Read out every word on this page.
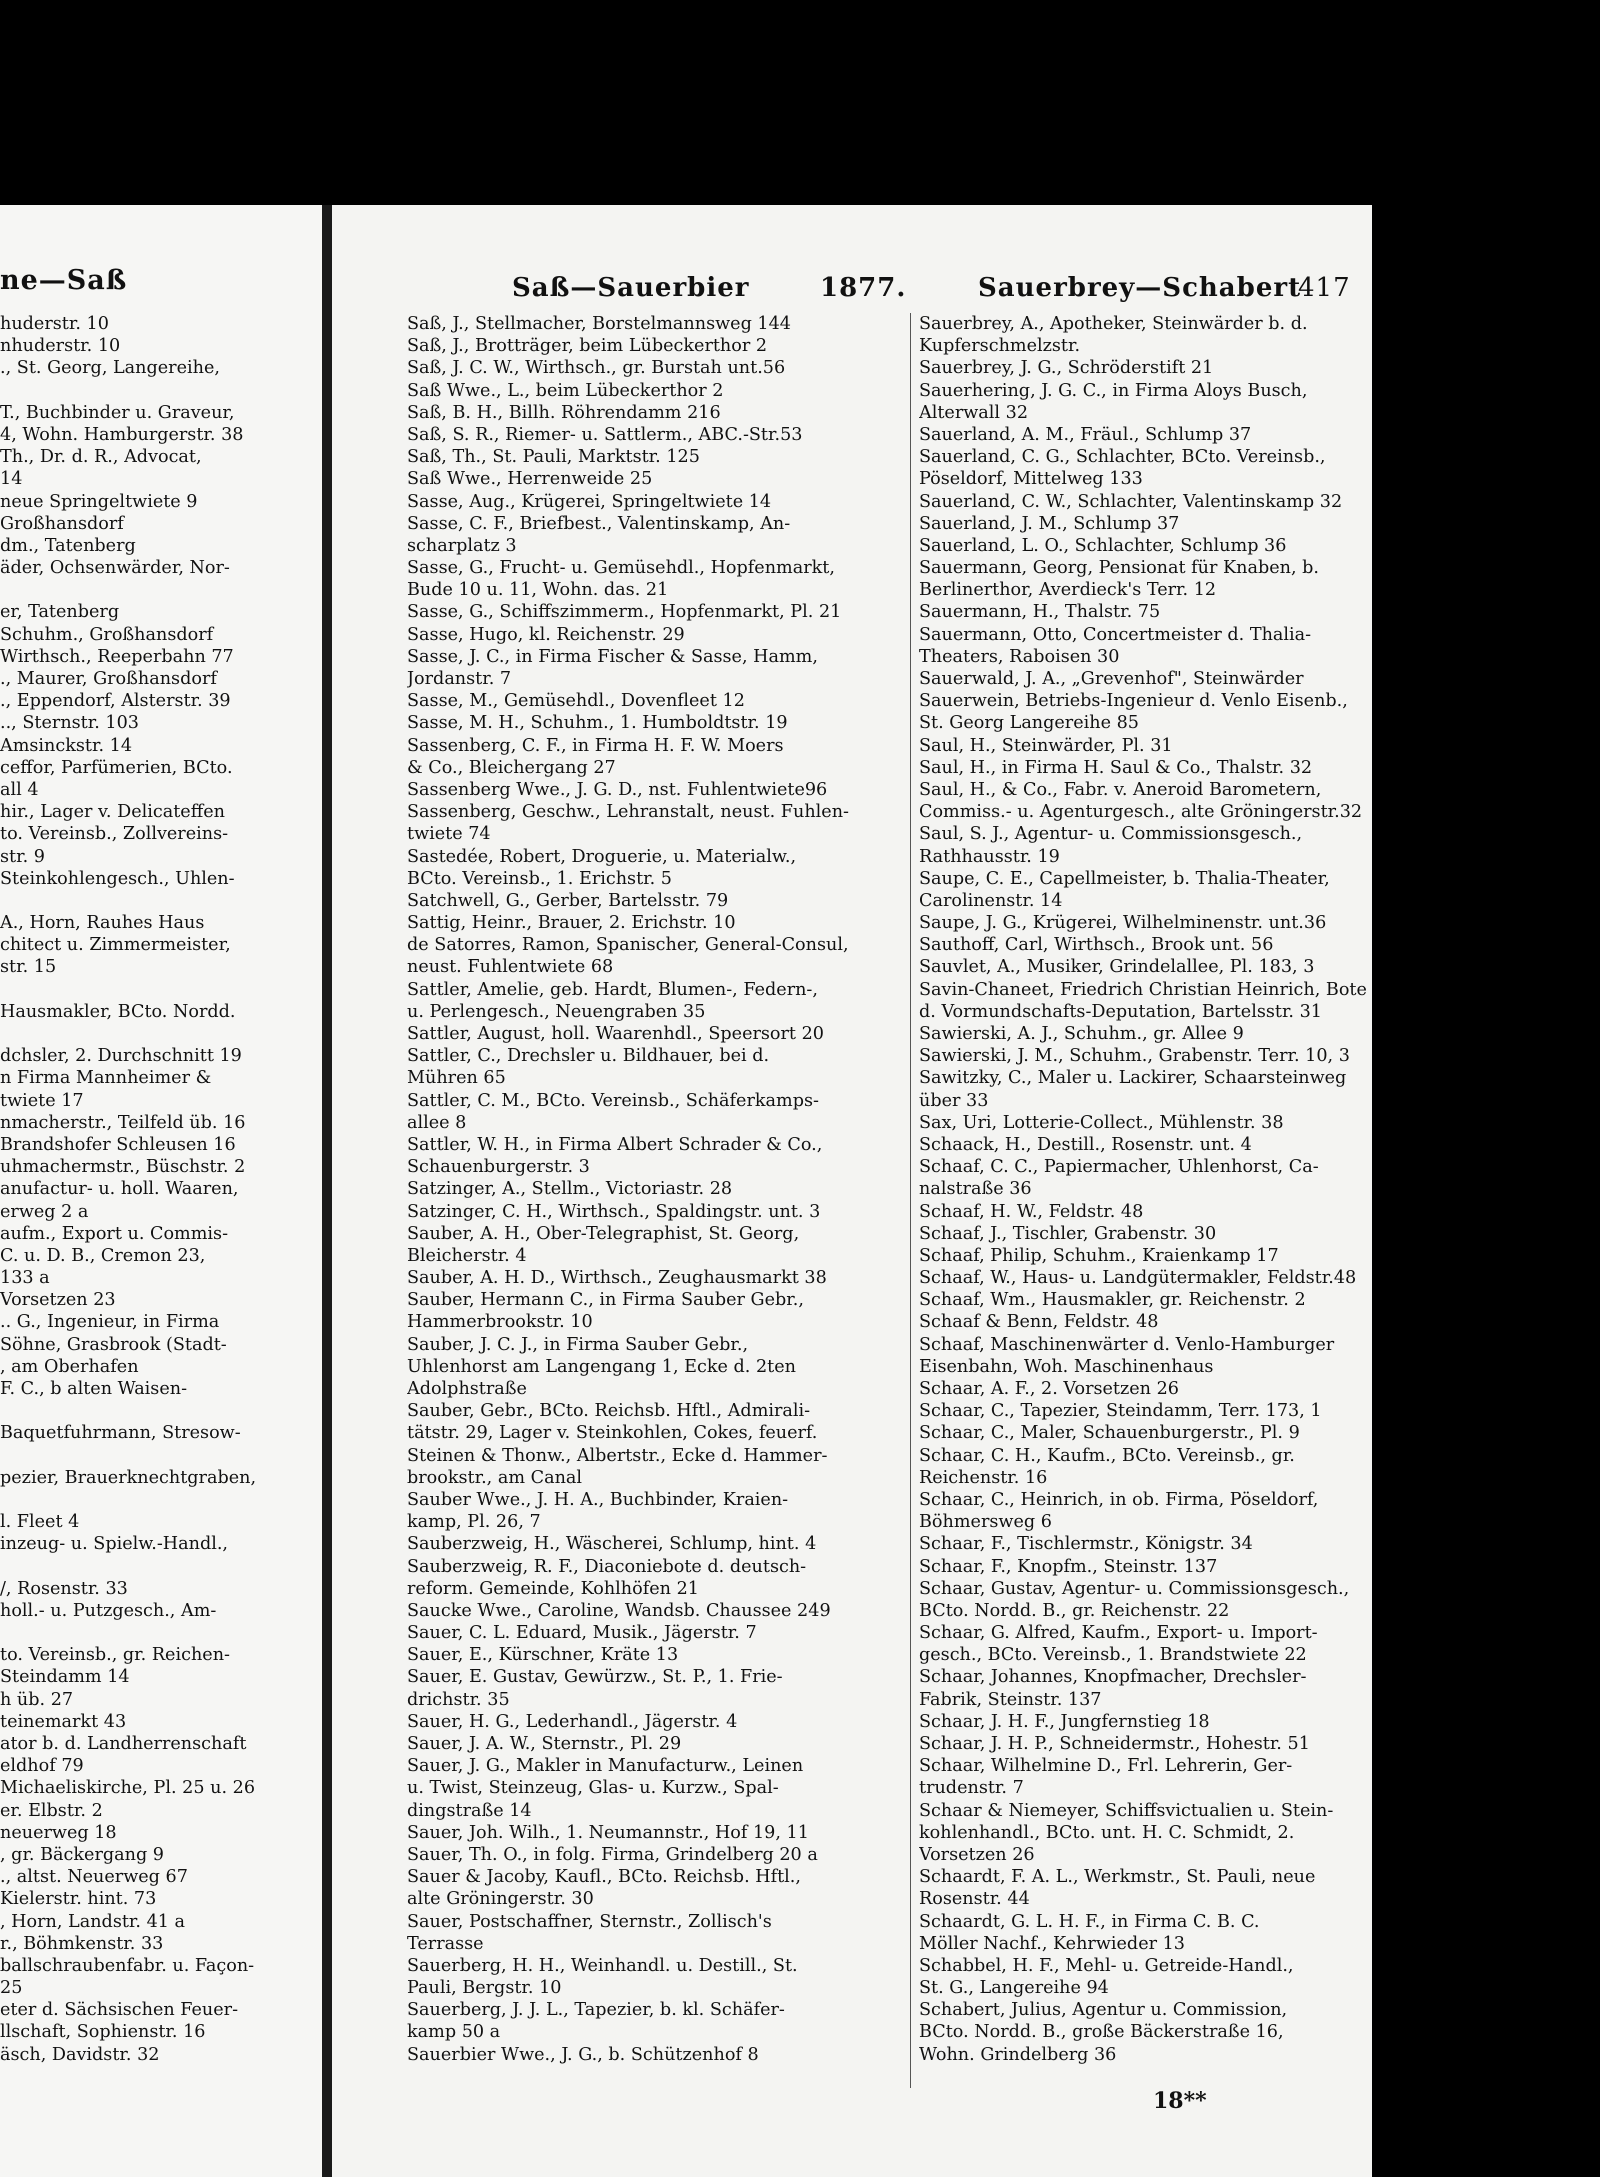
ne—Saß
huderstr. 10
nhuderstr. 10
., St. Georg, Langereihe,

T., Buchbinder u. Graveur,
4, Wohn. Hamburgerstr. 38
Th., Dr. d. R., Advocat,
14
neue Springeltwiete 9
Großhansdorf
dm., Tatenberg
äder, Ochsenwärder, Nor-

er, Tatenberg
Schuhm., Großhansdorf
Wirthsch., Reeperbahn 77
., Maurer, Großhansdorf
., Eppendorf, Alsterstr. 39
.., Sternstr. 103
Amsinckstr. 14
ceffor, Parfümerien, BCto.
all 4
hir., Lager v. Delicateffen
to. Vereinsb., Zollvereins-
str. 9
Steinkohlengesch., Uhlen-

A., Horn, Rauhes Haus
chitect u. Zimmermeister,
str. 15

Hausmakler, BCto. Nordd.

dchsler, 2. Durchschnitt 19
n Firma Mannheimer &
twiete 17
nmacherstr., Teilfeld üb. 16
Brandshofer Schleusen 16
uhmachermstr., Büschstr. 2
anufactur- u. holl. Waaren,
erweg 2 a
aufm., Export u. Commis-
C. u. D. B., Cremon 23,
133 a
Vorsetzen 23
.. G., Ingenieur, in Firma
Söhne, Grasbrook (Stadt-
, am Oberhafen
F. C., b alten Waisen-

Baquetfuhrmann, Stresow-

pezier, Brauerknechtgraben,

l. Fleet 4
inzeug- u. Spielw.-Handl.,

/, Rosenstr. 33
holl.- u. Putzgesch., Am-

to. Vereinsb., gr. Reichen-
Steindamm 14
h üb. 27
teinemarkt 43
ator b. d. Landherrenschaft
eldhof 79
Michaeliskirche, Pl. 25 u. 26
er. Elbstr. 2
neuerweg 18
, gr. Bäckergang 9
., altst. Neuerweg 67
Kielerstr. hint. 73
, Horn, Landstr. 41 a
r., Böhmkenstr. 33
ballschraubenfabr. u. Façon-
25
eter d. Sächsischen Feuer-
llschaft, Sophienstr. 16
äsch, Davidstr. 32
Saß—Sauerbier	1877.	Sauerbrey—Schabert
417
Saß, J., Stellmacher, Borstelmannsweg 144
Saß, J., Brotträger, beim Lübeckerthor 2
Saß, J. C. W., Wirthsch., gr. Burstah unt.56
Saß Wwe., L., beim Lübeckerthor 2
Saß, B. H., Billh. Röhrendamm 216
Saß, S. R., Riemer- u. Sattlerm., ABC.-Str.53
Saß, Th., St. Pauli, Marktstr. 125
Saß Wwe., Herrenweide 25
Sasse, Aug., Krügerei, Springeltwiete 14
Sasse, C. F., Briefbest., Valentinskamp, An-
scharplatz 3
Sasse, G., Frucht- u. Gemüsehdl., Hopfenmarkt,
Bude 10 u. 11, Wohn. das. 21
Sasse, G., Schiffszimmerm., Hopfenmarkt, Pl. 21
Sasse, Hugo, kl. Reichenstr. 29
Sasse, J. C., in Firma Fischer & Sasse, Hamm,
Jordanstr. 7
Sasse, M., Gemüsehdl., Dovenfleet 12
Sasse, M. H., Schuhm., 1. Humboldtstr. 19
Sassenberg, C. F., in Firma H. F. W. Moers
& Co., Bleichergang 27
Sassenberg Wwe., J. G. D., nst. Fuhlentwiete96
Sassenberg, Geschw., Lehranstalt, neust. Fuhlen-
twiete 74
Sastedée, Robert, Droguerie, u. Materialw.,
BCto. Vereinsb., 1. Erichstr. 5
Satchwell, G., Gerber, Bartelsstr. 79
Sattig, Heinr., Brauer, 2. Erichstr. 10
de Satorres, Ramon, Spanischer, General-Consul,
neust. Fuhlentwiete 68
Sattler, Amelie, geb. Hardt, Blumen-, Federn-,
u. Perlengesch., Neuengraben 35
Sattler, August, holl. Waarenhdl., Speersort 20
Sattler, C., Drechsler u. Bildhauer, bei d.
Mühren 65
Sattler, C. M., BCto. Vereinsb., Schäferkamps-
allee 8
Sattler, W. H., in Firma Albert Schrader & Co.,
Schauenburgerstr. 3
Satzinger, A., Stellm., Victoriastr. 28
Satzinger, C. H., Wirthsch., Spaldingstr. unt. 3
Sauber, A. H., Ober-Telegraphist, St. Georg,
Bleicherstr. 4
Sauber, A. H. D., Wirthsch., Zeughausmarkt 38
Sauber, Hermann C., in Firma Sauber Gebr.,
Hammerbrookstr. 10
Sauber, J. C. J., in Firma Sauber Gebr.,
Uhlenhorst am Langengang 1, Ecke d. 2ten
Adolphstraße
Sauber, Gebr., BCto. Reichsb. Hftl., Admirali-
tätstr. 29, Lager v. Steinkohlen, Cokes, feuerf.
Steinen & Thonw., Albertstr., Ecke d. Hammer-
brookstr., am Canal
Sauber Wwe., J. H. A., Buchbinder, Kraien-
kamp, Pl. 26, 7
Sauberzweig, H., Wäscherei, Schlump, hint. 4
Sauberzweig, R. F., Diaconiebote d. deutsch-
reform. Gemeinde, Kohlhöfen 21
Saucke Wwe., Caroline, Wandsb. Chaussee 249
Sauer, C. L. Eduard, Musik., Jägerstr. 7
Sauer, E., Kürschner, Kräte 13
Sauer, E. Gustav, Gewürzw., St. P., 1. Frie-
drichstr. 35
Sauer, H. G., Lederhandl., Jägerstr. 4
Sauer, J. A. W., Sternstr., Pl. 29
Sauer, J. G., Makler in Manufacturw., Leinen
u. Twist, Steinzeug, Glas- u. Kurzw., Spal-
dingstraße 14
Sauer, Joh. Wilh., 1. Neumannstr., Hof 19, 11
Sauer, Th. O., in folg. Firma, Grindelberg 20 a
Sauer & Jacoby, Kaufl., BCto. Reichsb. Hftl.,
alte Gröningerstr. 30
Sauer, Postschaffner, Sternstr., Zollisch's
Terrasse
Sauerberg, H. H., Weinhandl. u. Destill., St.
Pauli, Bergstr. 10
Sauerberg, J. J. L., Tapezier, b. kl. Schäfer-
kamp 50 a
Sauerbier Wwe., J. G., b. Schützenhof 8
Sauerbrey, A., Apotheker, Steinwärder b. d.
Kupferschmelzstr.
Sauerbrey, J. G., Schröderstift 21
Sauerhering, J. G. C., in Firma Aloys Busch,
Alterwall 32
Sauerland, A. M., Fräul., Schlump 37
Sauerland, C. G., Schlachter, BCto. Vereinsb.,
Pöseldorf, Mittelweg 133
Sauerland, C. W., Schlachter, Valentinskamp 32
Sauerland, J. M., Schlump 37
Sauerland, L. O., Schlachter, Schlump 36
Sauermann, Georg, Pensionat für Knaben, b.
Berlinerthor, Averdieck's Terr. 12
Sauermann, H., Thalstr. 75
Sauermann, Otto, Concertmeister d. Thalia-
Theaters, Raboisen 30
Sauerwald, J. A., „Grevenhof", Steinwärder
Sauerwein, Betriebs-Ingenieur d. Venlo Eisenb.,
St. Georg Langereihe 85
Saul, H., Steinwärder, Pl. 31
Saul, H., in Firma H. Saul & Co., Thalstr. 32
Saul, H., & Co., Fabr. v. Aneroid Barometern,
Commiss.- u. Agenturgesch., alte Gröningerstr.32
Saul, S. J., Agentur- u. Commissionsgesch.,
Rathhausstr. 19
Saupe, C. E., Capellmeister, b. Thalia-Theater,
Carolinenstr. 14
Saupe, J. G., Krügerei, Wilhelminenstr. unt.36
Sauthoff, Carl, Wirthsch., Brook unt. 56
Sauvlet, A., Musiker, Grindelallee, Pl. 183, 3
Savin-Chaneet, Friedrich Christian Heinrich, Bote
d. Vormundschafts-Deputation, Bartelsstr. 31
Sawierski, A. J., Schuhm., gr. Allee 9
Sawierski, J. M., Schuhm., Grabenstr. Terr. 10, 3
Sawitzky, C., Maler u. Lackirer, Schaarsteinweg
über 33
Sax, Uri, Lotterie-Collect., Mühlenstr. 38
Schaack, H., Destill., Rosenstr. unt. 4
Schaaf, C. C., Papiermacher, Uhlenhorst, Ca-
nalstraße 36
Schaaf, H. W., Feldstr. 48
Schaaf, J., Tischler, Grabenstr. 30
Schaaf, Philip, Schuhm., Kraienkamp 17
Schaaf, W., Haus- u. Landgütermakler, Feldstr.48
Schaaf, Wm., Hausmakler, gr. Reichenstr. 2
Schaaf & Benn, Feldstr. 48
Schaaf, Maschinenwärter d. Venlo-Hamburger
Eisenbahn, Woh. Maschinenhaus
Schaar, A. F., 2. Vorsetzen 26
Schaar, C., Tapezier, Steindamm, Terr. 173, 1
Schaar, C., Maler, Schauenburgerstr., Pl. 9
Schaar, C. H., Kaufm., BCto. Vereinsb., gr.
Reichenstr. 16
Schaar, C., Heinrich, in ob. Firma, Pöseldorf,
Böhmersweg 6
Schaar, F., Tischlermstr., Königstr. 34
Schaar, F., Knopfm., Steinstr. 137
Schaar, Gustav, Agentur- u. Commissionsgesch.,
BCto. Nordd. B., gr. Reichenstr. 22
Schaar, G. Alfred, Kaufm., Export- u. Import-
gesch., BCto. Vereinsb., 1. Brandstwiete 22
Schaar, Johannes, Knopfmacher, Drechsler-
Fabrik, Steinstr. 137
Schaar, J. H. F., Jungfernstieg 18
Schaar, J. H. P., Schneidermstr., Hohestr. 51
Schaar, Wilhelmine D., Frl. Lehrerin, Ger-
trudenstr. 7
Schaar & Niemeyer, Schiffsvictualien u. Stein-
kohlenhandl., BCto. unt. H. C. Schmidt, 2.
Vorsetzen 26
Schaardt, F. A. L., Werkmstr., St. Pauli, neue
Rosenstr. 44
Schaardt, G. L. H. F., in Firma C. B. C.
Möller Nachf., Kehrwieder 13
Schabbel, H. F., Mehl- u. Getreide-Handl.,
St. G., Langereihe 94
Schabert, Julius, Agentur u. Commission,
BCto. Nordd. B., große Bäckerstraße 16,
Wohn. Grindelberg 36
18**
